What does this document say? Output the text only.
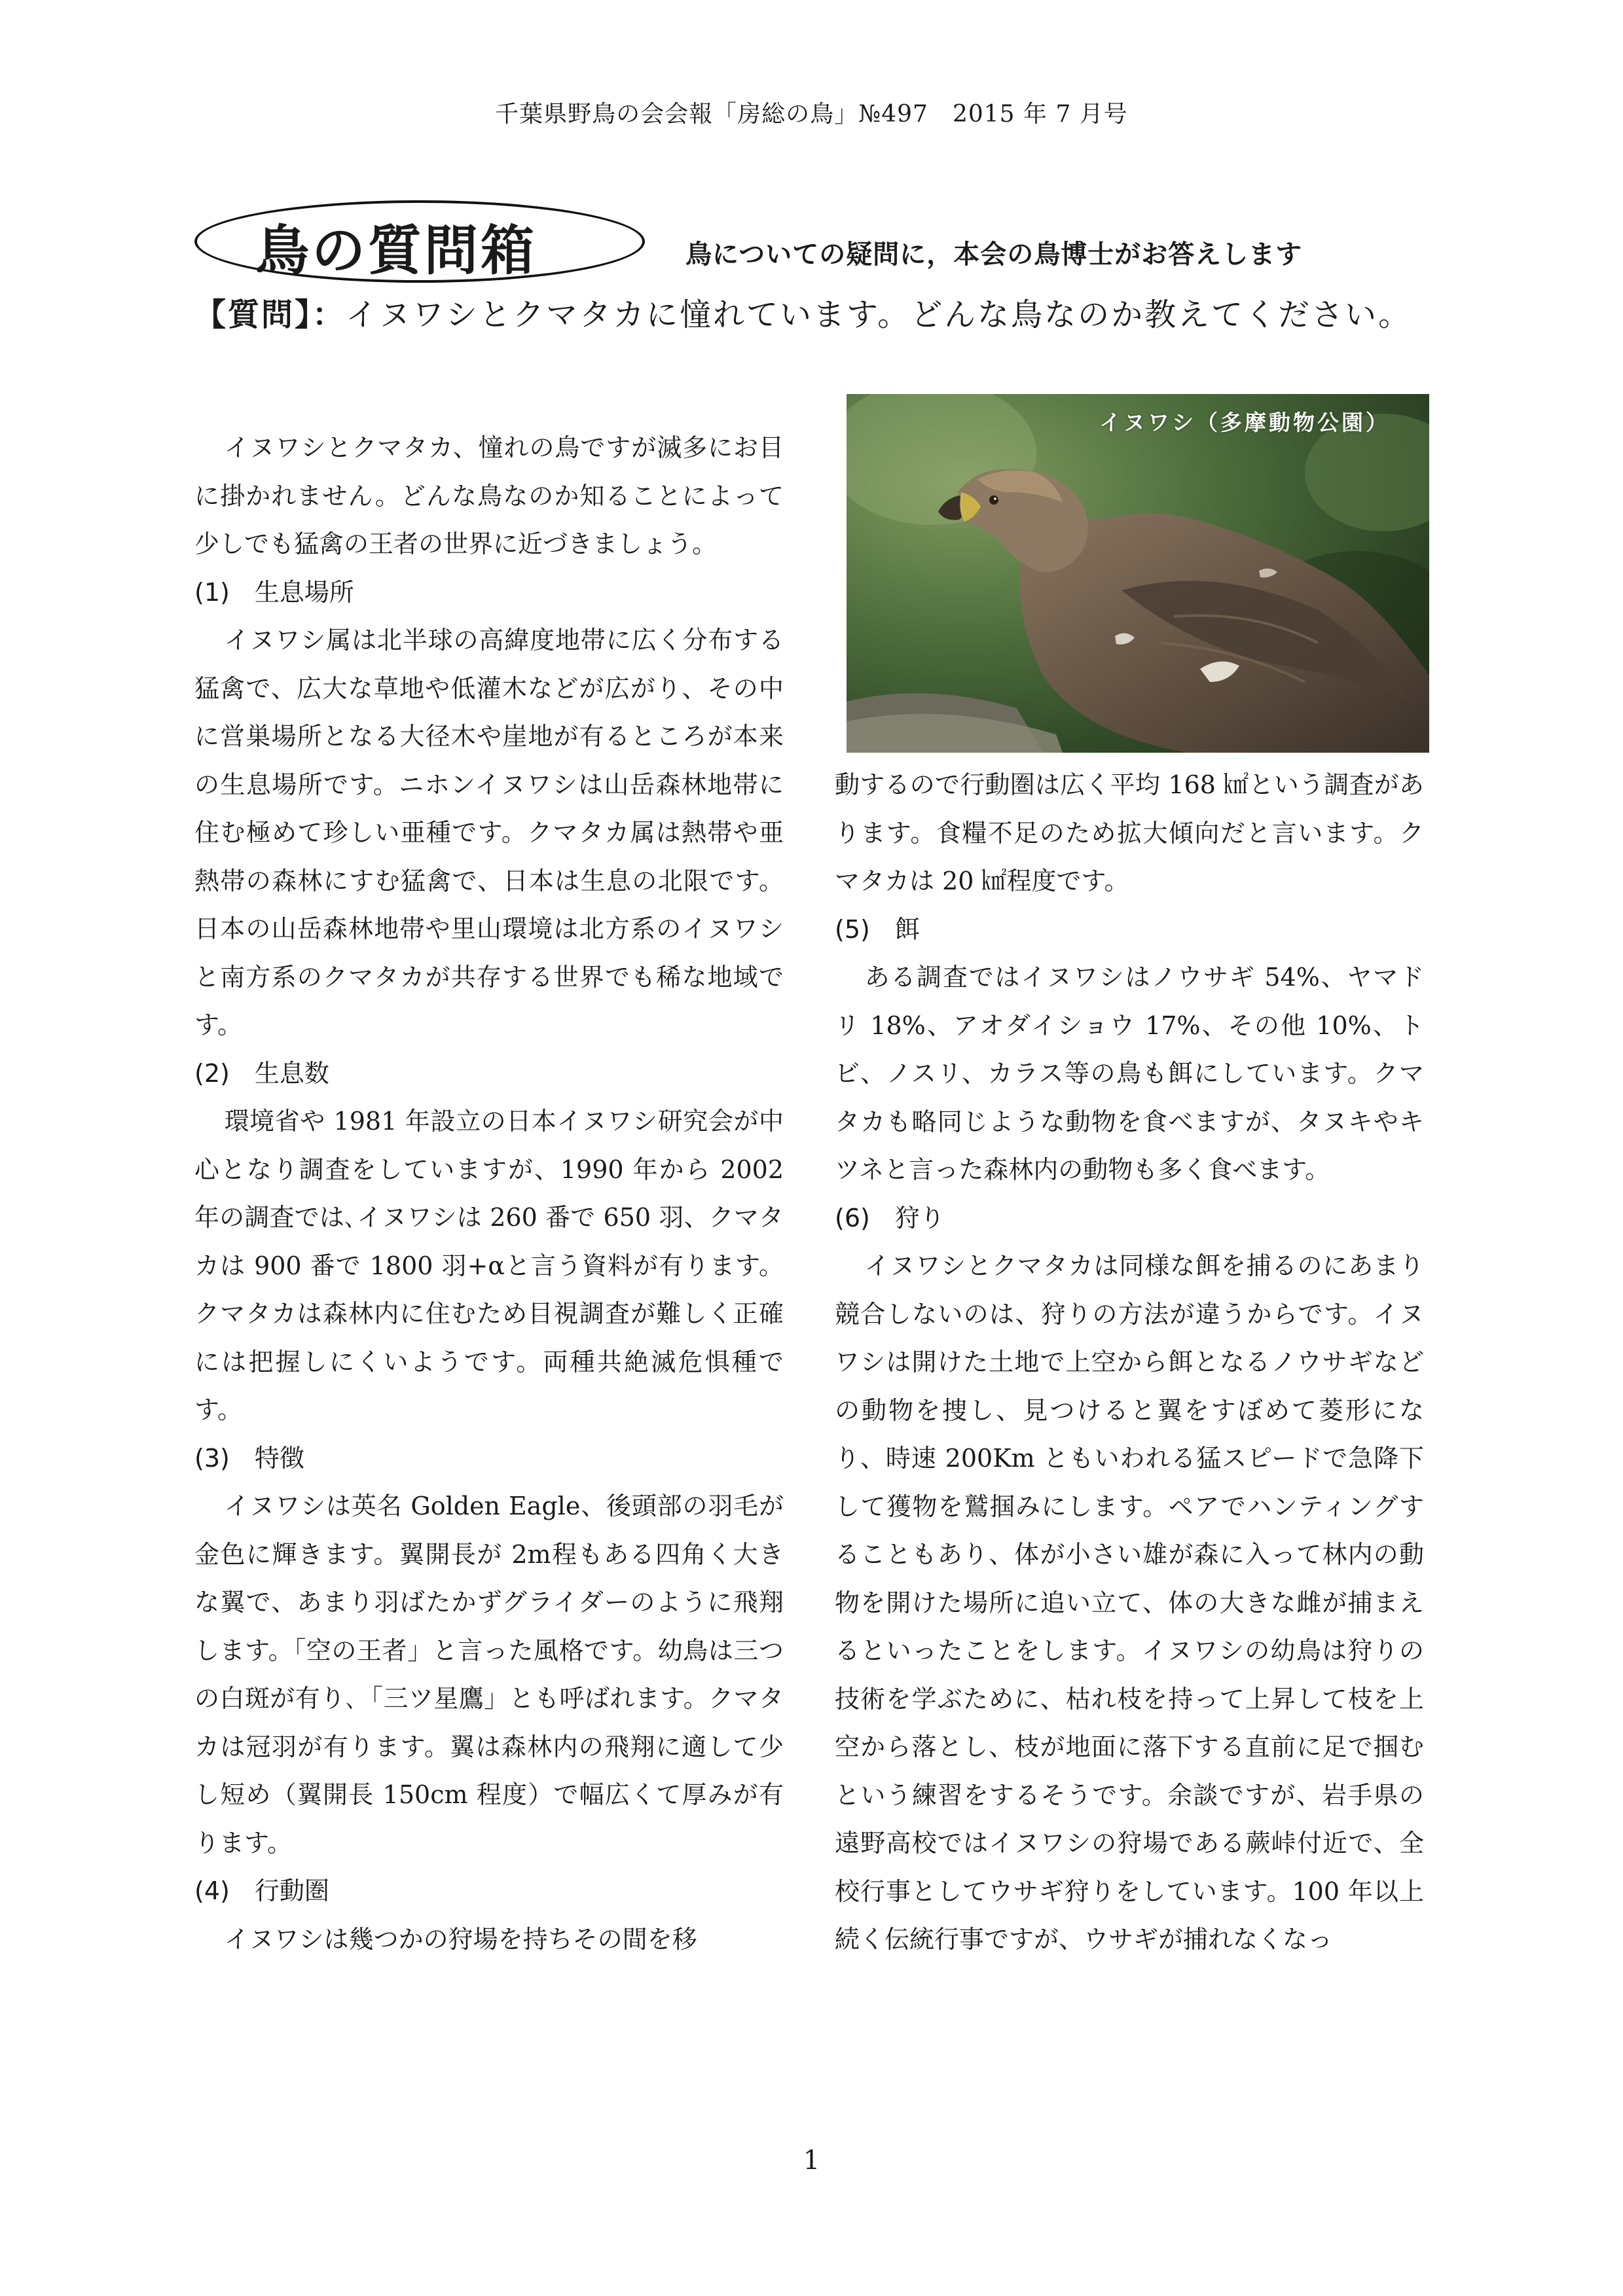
千葉県野鳥の会会報「房総の鳥」№497　2015 年 7 月号
鳥の質問箱	鳥についての疑問に，本会の鳥博士がお答えします
【質問】：イヌワシとクマタカに憧れています。どんな鳥なのか教えてください。

イヌワシとクマタカ、憧れの鳥ですが滅多にお目に掛かれません。どんな鳥なのか知ることによって少しでも猛禽の王者の世界に近づきましょう。

(1)　生息場所

イヌワシ属は北半球の高緯度地帯に広く分布する猛禽で、広大な草地や低灌木などが広がり、その中に営巣場所となる大径木や崖地が有るところが本来の生息場所です。ニホンイヌワシは山岳森林地帯に住む極めて珍しい亜種です。クマタカ属は熱帯や亜熱帯の森林にすむ猛禽で、日本は生息の北限です。日本の山岳森林地帯や里山環境は北方系のイヌワシと南方系のクマタカが共存する世界でも稀な地域です。

(2)　生息数

環境省や 1981 年設立の日本イヌワシ研究会が中心となり調査をしていますが、1990 年から 2002 年の調査では､イヌワシは 260 番で 650 羽、クマタカは 900 番で 1800 羽+αと言う資料が有ります。クマタカは森林内に住むため目視調査が難しく正確には把握しにくいようです。両種共絶滅危惧種です。

(3)　特徴

イヌワシは英名 Golden Eagle、後頭部の羽毛が金色に輝きます。翼開長が 2m程もある四角く大きな翼で、あまり羽ばたかずグライダーのように飛翔します。「空の王者」と言った風格です。幼鳥は三つの白斑が有り､「三ツ星鷹」とも呼ばれます。クマタカは冠羽が有ります。翼は森林内の飛翔に適して少し短め（翼開長 150cm 程度）で幅広くて厚みが有ります。

(4)　行動圏

イヌワシは幾つかの狩場を持ちその間を移

イヌワシ（多摩動物公園）

動するので行動圏は広く平均 168 ㎢という調査があります。食糧不足のため拡大傾向だと言います。クマタカは 20 ㎢程度です。

(5)　餌

ある調査ではイヌワシはノウサギ 54%、ヤマドリ 18%、アオダイショウ 17%、その他 10%、トビ、ノスリ、カラス等の鳥も餌にしています。クマタカも略同じような動物を食べますが、タヌキやキツネと言った森林内の動物も多く食べます。

(6)　狩り

イヌワシとクマタカは同様な餌を捕るのにあまり競合しないのは、狩りの方法が違うからです。イヌワシは開けた土地で上空から餌となるノウサギなどの動物を捜し、見つけると翼をすぼめて菱形になり、時速 200Km ともいわれる猛スピードで急降下して獲物を鷲掴みにします。ペアでハンティングすることもあり、体が小さい雄が森に入って林内の動物を開けた場所に追い立て、体の大きな雌が捕まえるといったことをします。イヌワシの幼鳥は狩りの技術を学ぶために、枯れ枝を持って上昇して枝を上空から落とし、枝が地面に落下する直前に足で掴むという練習をするそうです。余談ですが、岩手県の遠野高校ではイヌワシの狩場である蕨峠付近で、全校行事としてウサギ狩りをしています。100 年以上続く伝統行事ですが、ウサギが捕れなくなっ

1
